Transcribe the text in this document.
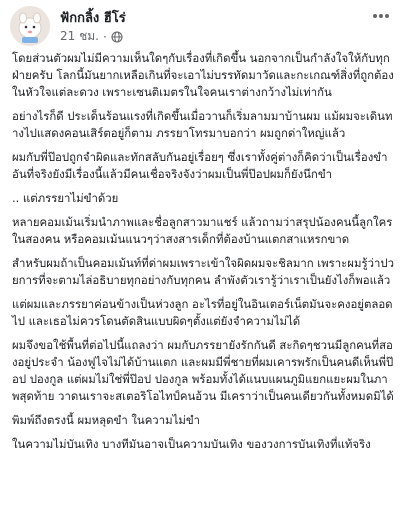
ฟักกลิ้ง ฮีโร่
21 ชม. ·

โดยส่วนตัวผมไม่มีความเห็นใดๆกับเรื่องที่เกิดขึ้น นอกจากเป็นกำลังใจให้กับทุกฝ่ายครับ โลกนี้มันยากเหลือเกินที่จะเอาไม่บรรทัดมาวัดและกะเกณฑ์สิ่งที่ถูกต้องในหัวใจแต่ละดวง เพราะเซนติเมตรในใจคนเราต่างกว้างไม่เท่ากัน

อย่างไรก็ดี ประเด็นร้อนแรงที่เกิดขึ้นเมื่อวานก็เริ่มลามมาบ้านผม แม้ผมจะเดินทางไปแสดงคอนเสิร์ตอยู่ก็ตาม ภรรยาโทรมาบอกว่า ผมถูกด่าใหญ่แล้ว

ผมกับพี่ป๊อปถูกจำผิดและทักสลับกันอยู่เรื่อยๆ ซึ่งเราทั้งคู่ต่างก็คิดว่าเป็นเรื่องขำ อันที่จริงยังมีเรื่องนี้แล้วมีคนเชื่อจริงจังว่าผมเป็นพี่ป๊อปผมก็ยังนึกขำ

.. แต่ภรรยาไม่ขำด้วย

หลายคอมเม้นเริ่มนำภาพและชื่อลูกสาวมาแชร์ แล้วถามว่าสรุปน้องคนนี้ลูกใครในสองคน หรือคอมเม้นแนวๆว่าสงสารเด็กที่ต้องบ้านแตกสาแหรกขาด

สำหรับผมถ้าเป็นคอมเม้นท์ที่ด่าผมเพราะเข้าใจผิดผมจะชิลมาก เพราะผมรู้ว่าปวยการที่จะตามไล่อธิบายทุกอย่างกับทุกคน ลำพังตัวเรารู้ว่าเราเป็นยังไงก็พอแล้ว

แต่ผมและภรรยาค่อนข้างเป็นห่วงลูก อะไรที่อยู่ในอินเตอร์เน็ตมันจะคงอยู่ตลอดไป และเธอไม่ควรโดนตัดสินแบบผิดๆตั้งแต่ยังจำความไม่ได้

ผมจึงขอใช้พื้นที่ต่อไปนี้แถลงว่า ผมกับภรรยายังรักกันดี สะกิดๆชวนมีลูกคนที่สองอยู่ประจำ น้องฟูไจไม่ได้บ้านแตก และผมมีพี่ชายที่ผมเคารพรักเป็นคนดีเห็นพี่ป๊อป ปองกูล แต่ผมไม่ใช่พี่ป๊อป ปองกูล พร้อมทั้งได้แนบแผนภูมิแยกแยะผมในภาพสุดท้าย วาดนเราจะสเตอริโอไทป์คนอ้วน มีเคราว่าเป็นคนเดียวกันทั้งหมดมิได้

พิมพ์ถึงตรงนี้ ผมหลุดขำ ในความไม่ขำ

ในความไม่บันเทิง บางทีมันอาจเป็นความบันเทิง ของวงการบันเทิงที่แท้จริง
